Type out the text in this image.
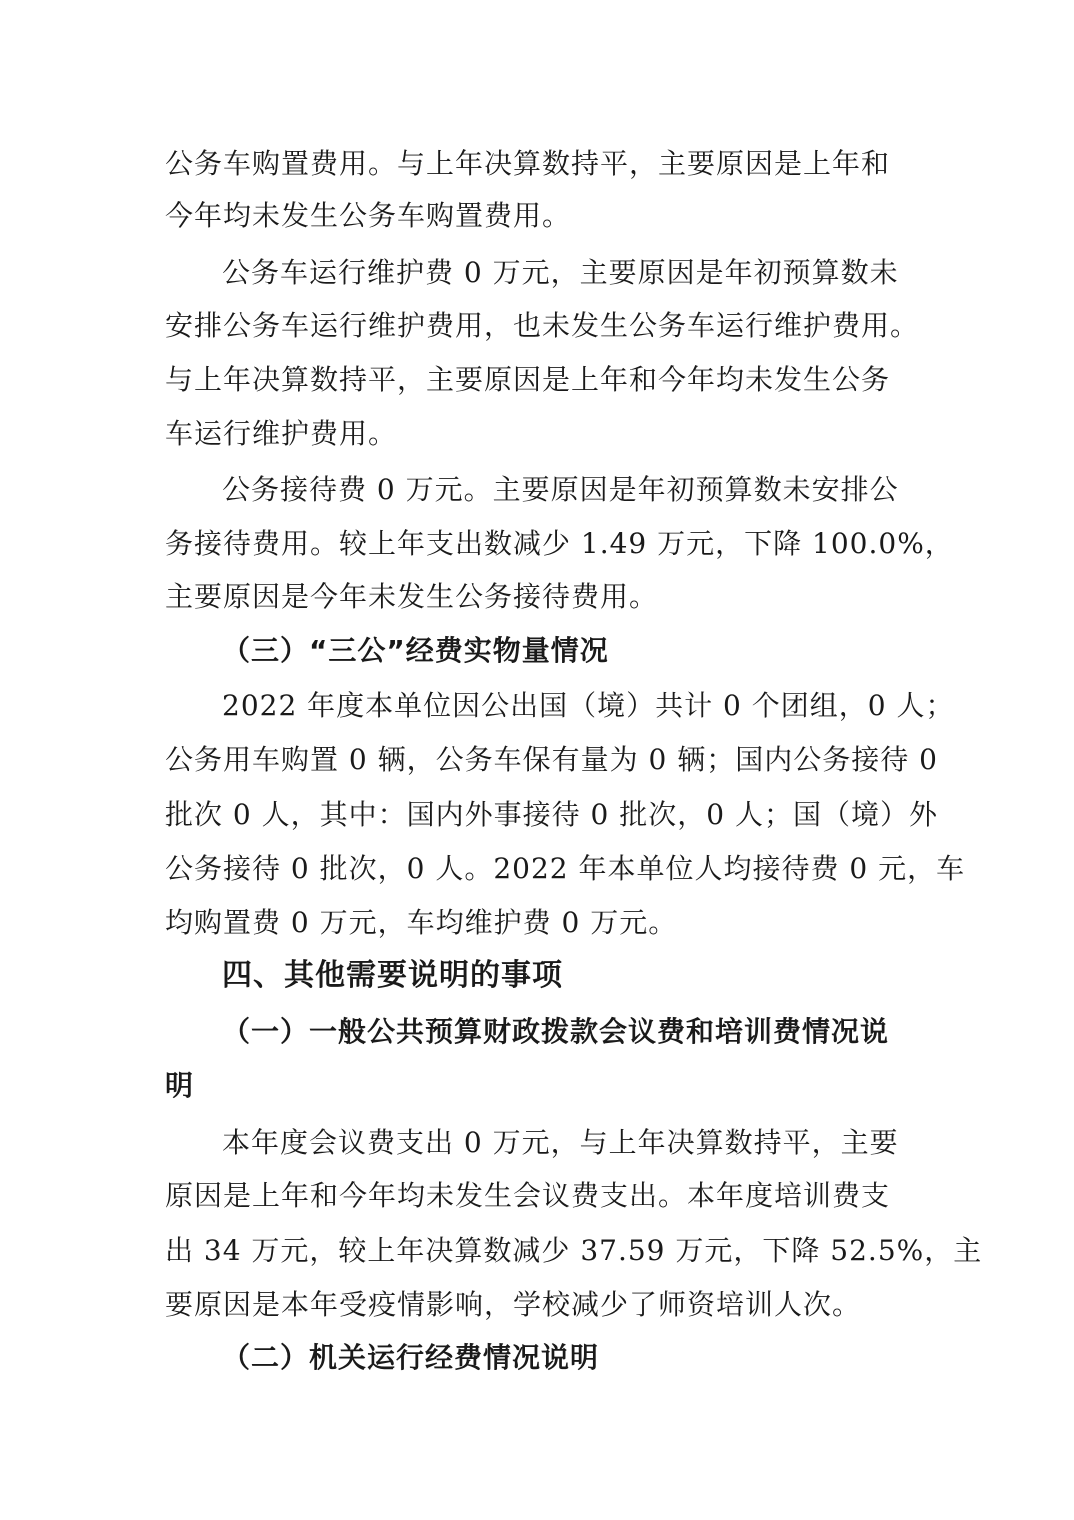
公务车购置费用。与上年决算数持平，主要原因是上年和
今年均未发生公务车购置费用。
公务车运行维护费 0 万元，主要原因是年初预算数未
安排公务车运行维护费用，也未发生公务车运行维护费用。
与上年决算数持平，主要原因是上年和今年均未发生公务
车运行维护费用。
公务接待费 0 万元。主要原因是年初预算数未安排公
务接待费用。较上年支出数减少 1.49 万元，下降 100.0%，
主要原因是今年未发生公务接待费用。
（三）“三公”经费实物量情况
2022 年度本单位因公出国（境）共计 0 个团组，0 人；
公务用车购置 0 辆，公务车保有量为 0 辆；国内公务接待 0
批次 0 人，其中：国内外事接待 0 批次，0 人；国（境）外
公务接待 0 批次，0 人。2022 年本单位人均接待费 0 元，车
均购置费 0 万元，车均维护费 0 万元。
四、其他需要说明的事项
（一）一般公共预算财政拨款会议费和培训费情况说
明
本年度会议费支出 0 万元，与上年决算数持平，主要
原因是上年和今年均未发生会议费支出。本年度培训费支
出 34 万元，较上年决算数减少 37.59 万元，下降 52.5%，主
要原因是本年受疫情影响，学校减少了师资培训人次。
（二）机关运行经费情况说明
